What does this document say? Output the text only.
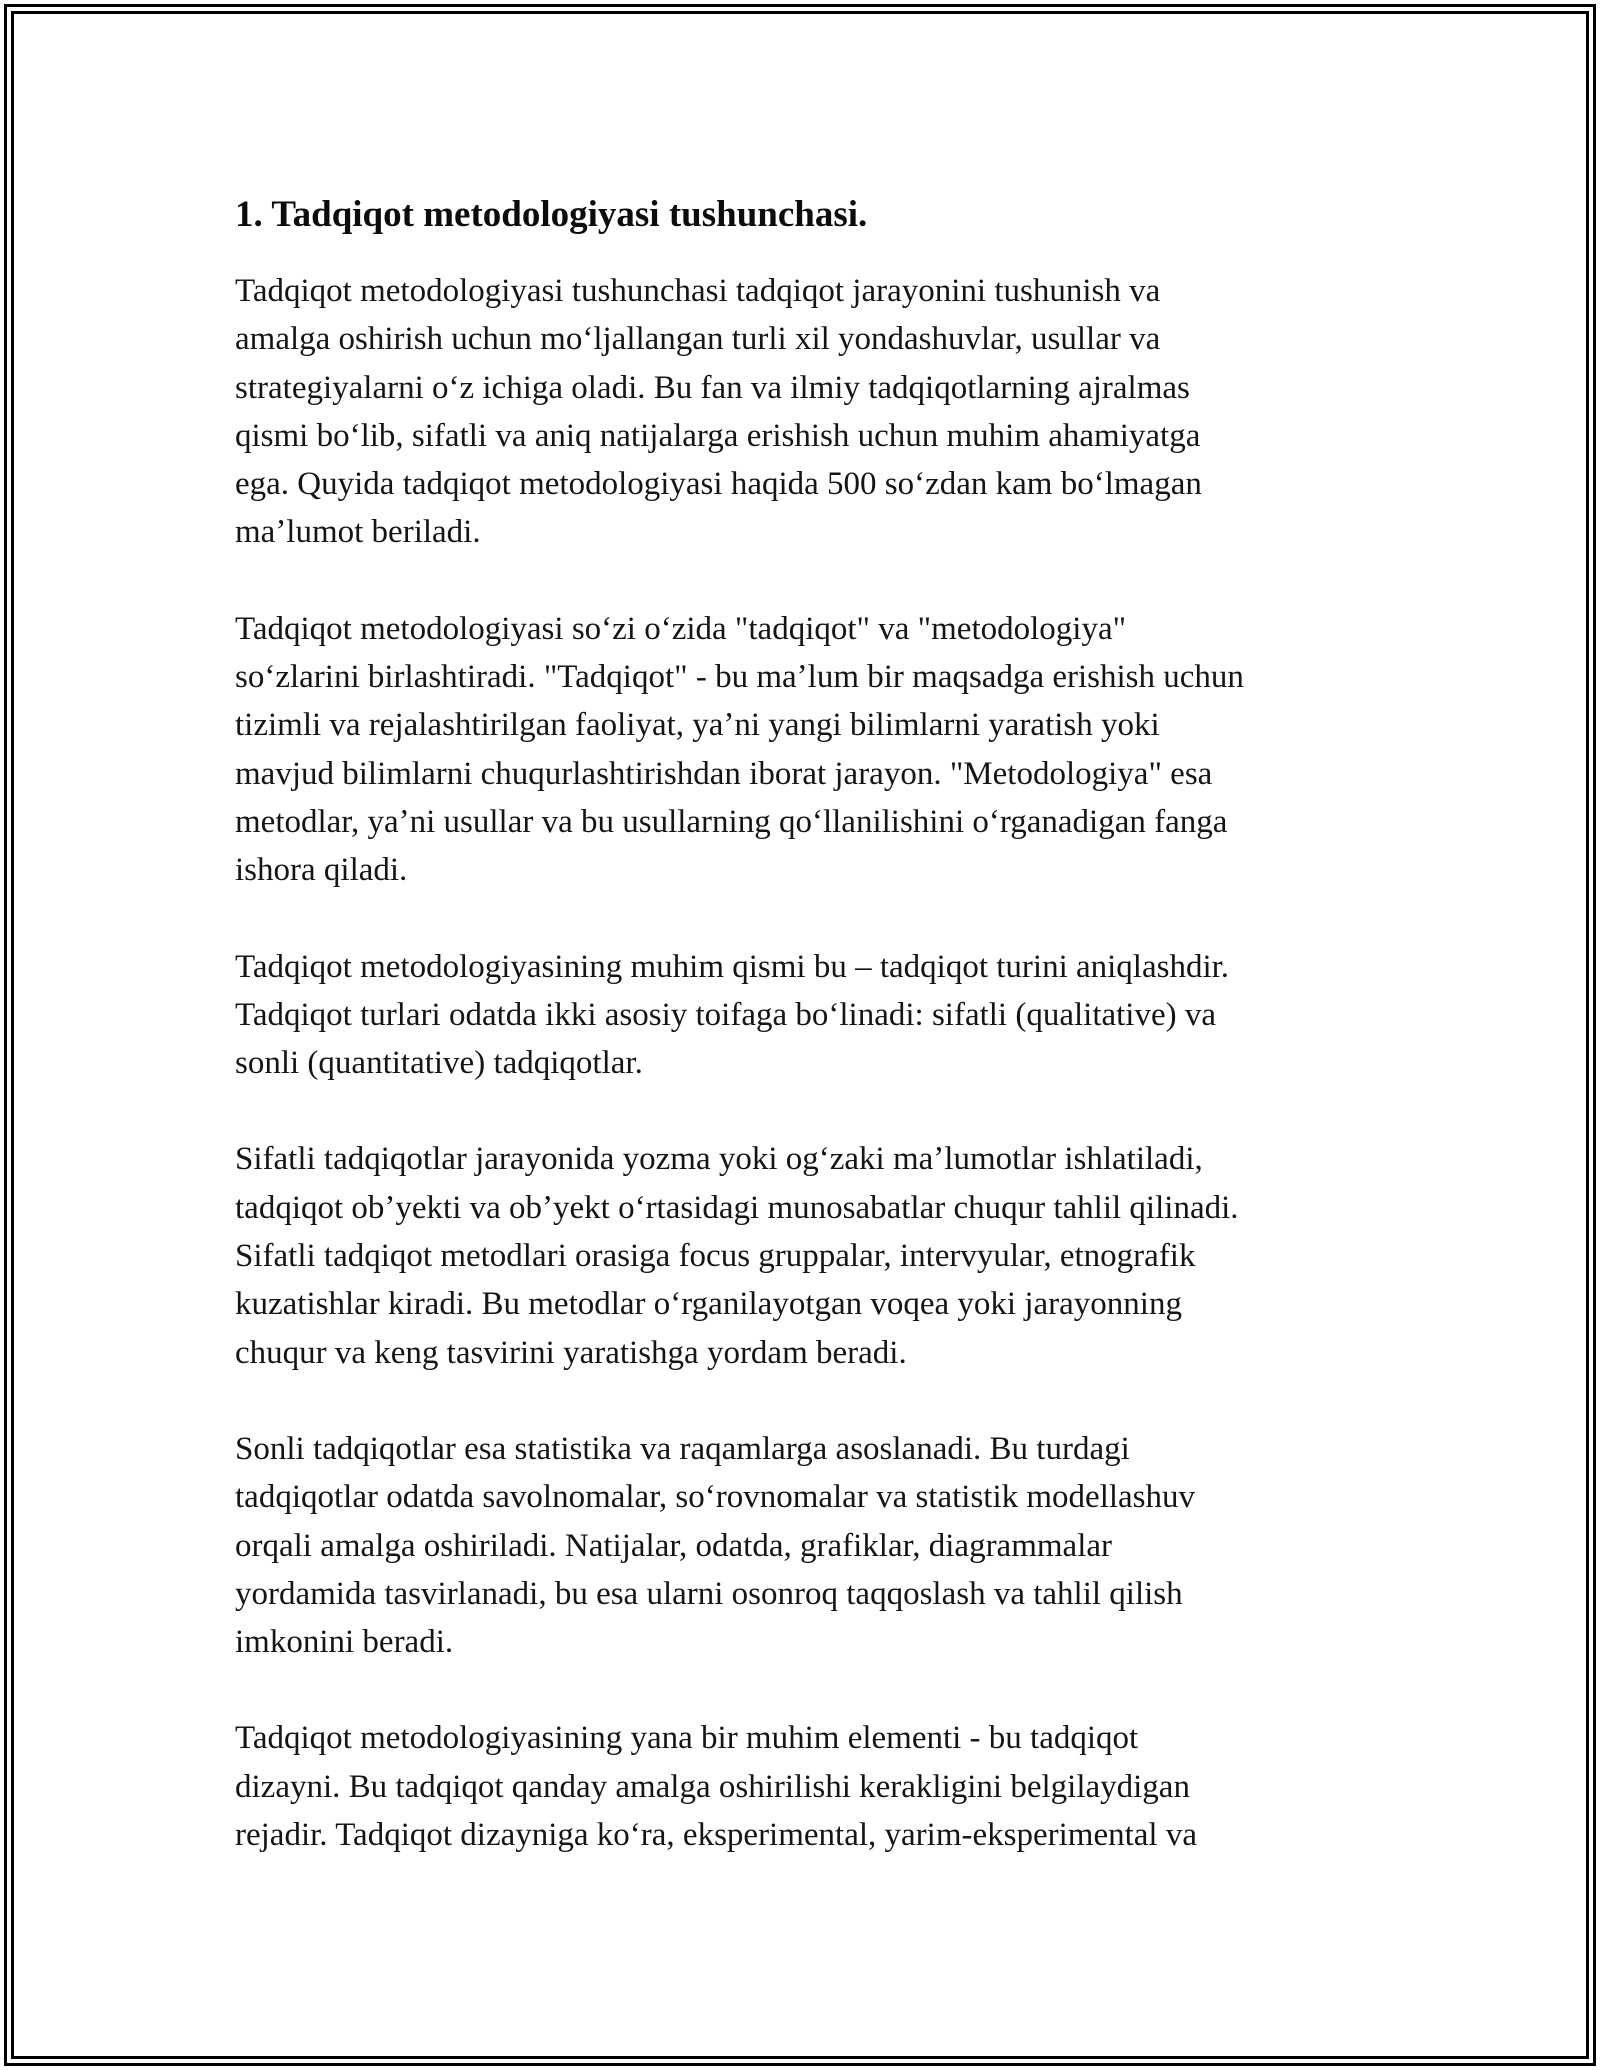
1. Tadqiqot metodologiyasi tushunchasi.

Tadqiqot metodologiyasi tushunchasi tadqiqot jarayonini tushunish va
amalga oshirish uchun moʻljallangan turli xil yondashuvlar, usullar va
strategiyalarni oʻz ichiga oladi. Bu fan va ilmiy tadqiqotlarning ajralmas
qismi boʻlib, sifatli va aniq natijalarga erishish uchun muhim ahamiyatga
ega. Quyida tadqiqot metodologiyasi haqida 500 soʻzdan kam boʻlmagan
maʼlumot beriladi.

Tadqiqot metodologiyasi soʻzi oʻzida "tadqiqot" va "metodologiya"
soʻzlarini birlashtiradi. "Tadqiqot" - bu maʼlum bir maqsadga erishish uchun
tizimli va rejalashtirilgan faoliyat, yaʼni yangi bilimlarni yaratish yoki
mavjud bilimlarni chuqurlashtirishdan iborat jarayon. "Metodologiya" esa
metodlar, yaʼni usullar va bu usullarning qoʻllanilishini oʻrganadigan fanga
ishora qiladi.

Tadqiqot metodologiyasining muhim qismi bu – tadqiqot turini aniqlashdir.
Tadqiqot turlari odatda ikki asosiy toifaga boʻlinadi: sifatli (qualitative) va
sonli (quantitative) tadqiqotlar.

Sifatli tadqiqotlar jarayonida yozma yoki ogʻzaki maʼlumotlar ishlatiladi,
tadqiqot obʼyekti va obʼyekt oʻrtasidagi munosabatlar chuqur tahlil qilinadi.
Sifatli tadqiqot metodlari orasiga focus gruppalar, intervyular, etnografik
kuzatishlar kiradi. Bu metodlar oʻrganilayotgan voqea yoki jarayonning
chuqur va keng tasvirini yaratishga yordam beradi.

Sonli tadqiqotlar esa statistika va raqamlarga asoslanadi. Bu turdagi
tadqiqotlar odatda savolnomalar, soʻrovnomalar va statistik modellashuv
orqali amalga oshiriladi. Natijalar, odatda, grafiklar, diagrammalar
yordamida tasvirlanadi, bu esa ularni osonroq taqqoslash va tahlil qilish
imkonini beradi.

Tadqiqot metodologiyasining yana bir muhim elementi - bu tadqiqot
dizayni. Bu tadqiqot qanday amalga oshirilishi kerakligini belgilaydigan
rejadir. Tadqiqot dizayniga koʻra, eksperimental, yarim-eksperimental va
